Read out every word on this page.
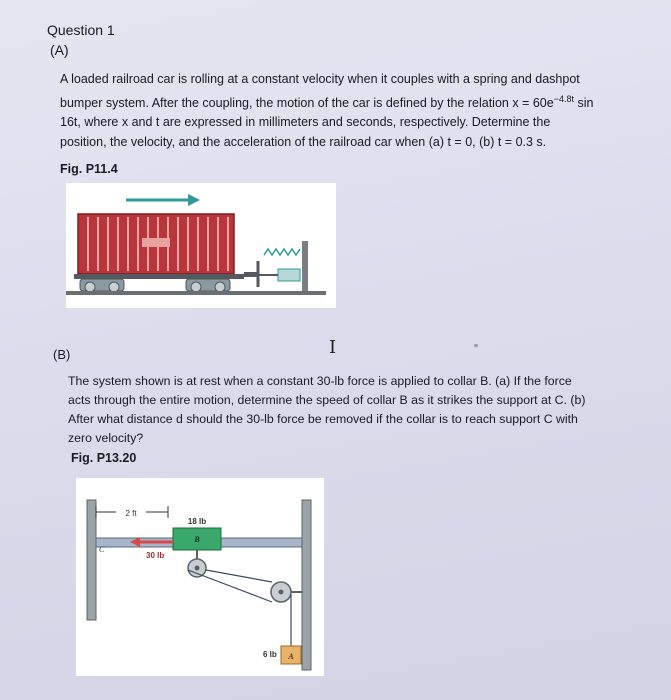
Question 1
(A)
A loaded railroad car is rolling at a constant velocity when it couples with a spring and dashpot
bumper system. After the coupling, the motion of the car is defined by the relation $x = 60e^{-4.8t}$ sin
16t, where x and t are expressed in millimeters and seconds, respectively. Determine the
position, the velocity, and the acceleration of the railroad car when (a) t = 0, (b) t = 0.3 s.
Fig. P11.4
I
(B)
The system shown is at rest when a constant 30-lb force is applied to collar B. (a) If the force
acts through the entire motion, determine the speed of collar B as it strikes the support at C. (b)
After what distance d should the 30-lb force be removed if the collar is to reach support C with
zero velocity?
Fig. P13.20
2 ft
C
18 lb
B
30 lb
6 lb A
